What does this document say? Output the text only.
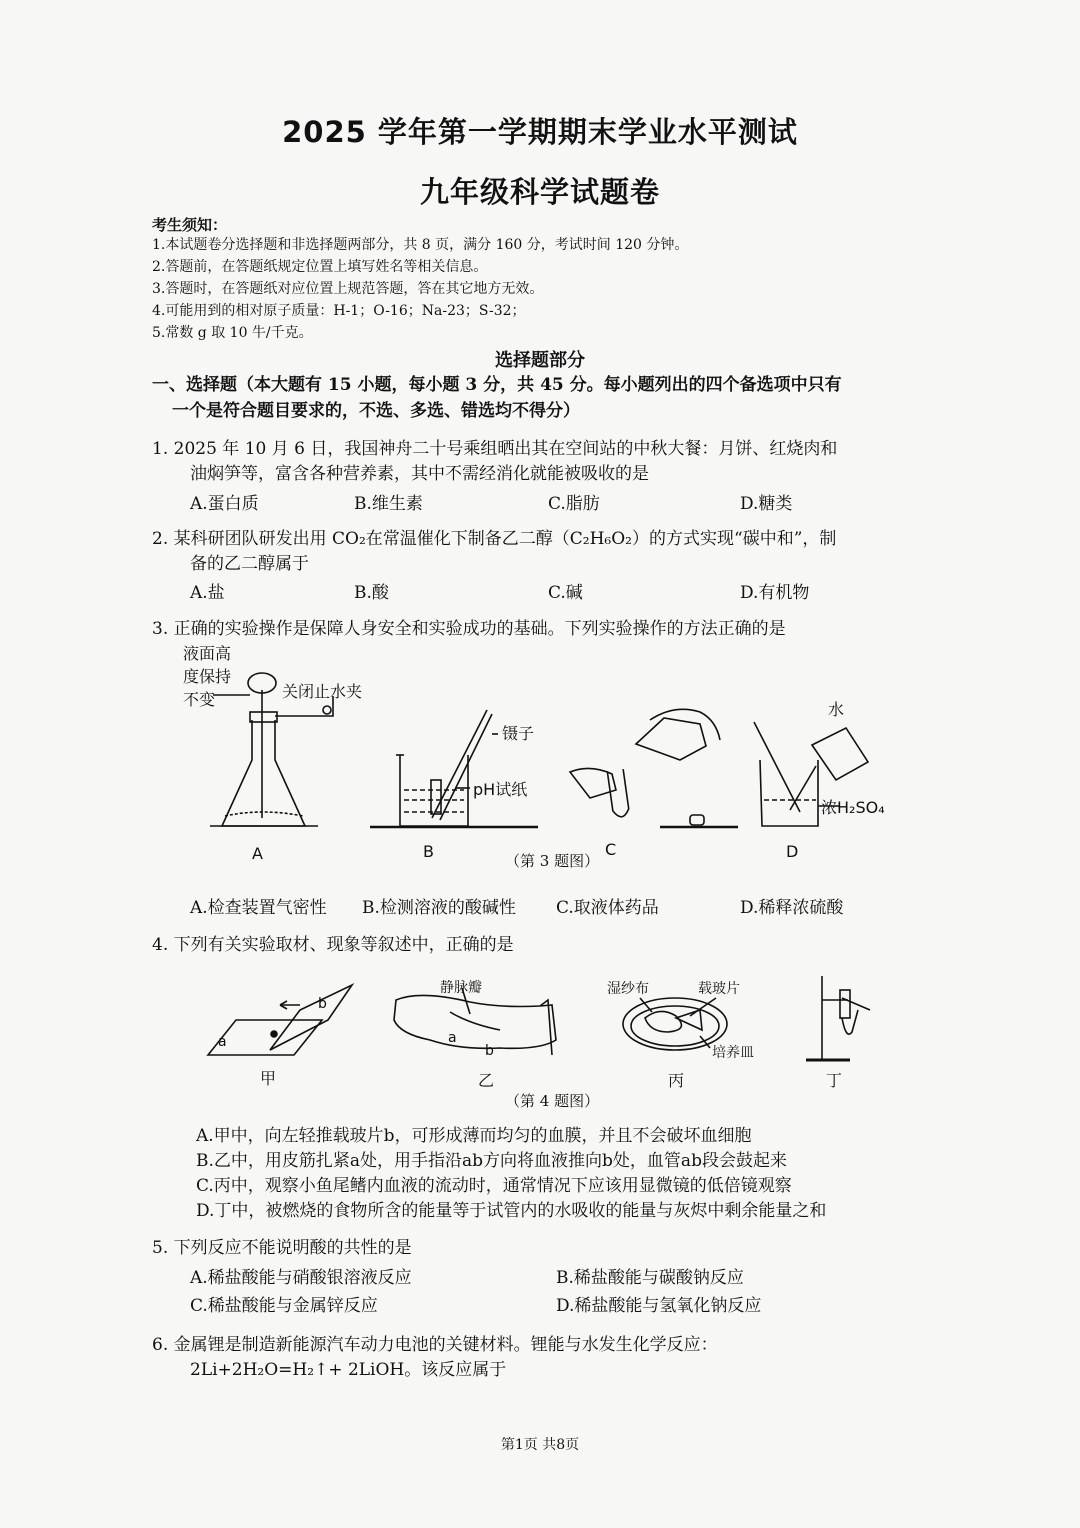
2025 学年第一学期期末学业水平测试
九年级科学试题卷
考生须知：
1.本试题卷分选择题和非选择题两部分，共 8 页，满分 160 分，考试时间 120 分钟。
2.答题前，在答题纸规定位置上填写姓名等相关信息。
3.答题时，在答题纸对应位置上规范答题，答在其它地方无效。
4.可能用到的相对原子质量：H-1；O-16；Na-23；S-32；
5.常数 g 取 10 牛/千克。
选择题部分
一、选择题（本大题有 15 小题，每小题 3 分，共 45 分。每小题列出的四个备选项中只有
一个是符合题目要求的，不选、多选、错选均不得分）
1. 2025 年 10 月 6 日，我国神舟二十号乘组晒出其在空间站的中秋大餐：月饼、红烧肉和
油焖笋等，富含各种营养素，其中不需经消化就能被吸收的是
A.蛋白质	B.维生素	C.脂肪	D.糖类
2. 某科研团队研发出用 CO₂在常温催化下制备乙二醇（C₂H₆O₂）的方式实现“碳中和”，制
备的乙二醇属于
A.盐	B.酸	C.碱	D.有机物
3. 正确的实验操作是保障人身安全和实验成功的基础。下列实验操作的方法正确的是
液面高
度保持
不变	关闭止水夹
镊子
pH试纸
水
浓H₂SO₄
A	B	（第 3 题图）
C	D
A.检查装置气密性 B.检测溶液的酸碱性 C.取液体药品	D.稀释浓硫酸
4. 下列有关实验取材、现象等叙述中，正确的是
静脉瓣	湿纱布	载玻片
培养皿
a
b
a
b
甲	乙	丙	丁
（第 4 题图）
A.甲中，向左轻推载玻片b，可形成薄而均匀的血膜，并且不会破坏血细胞
B.乙中，用皮筋扎紧a处，用手指沿ab方向将血液推向b处，血管ab段会鼓起来
C.丙中，观察小鱼尾鳍内血液的流动时，通常情况下应该用显微镜的低倍镜观察
D.丁中，被燃烧的食物所含的能量等于试管内的水吸收的能量与灰烬中剩余能量之和
5. 下列反应不能说明酸的共性的是
A.稀盐酸能与硝酸银溶液反应	B.稀盐酸能与碳酸钠反应
C.稀盐酸能与金属锌反应	D.稀盐酸能与氢氧化钠反应
6. 金属锂是制造新能源汽车动力电池的关键材料。锂能与水发生化学反应：
2Li+2H₂O=H₂↑+ 2LiOH。该反应属于
第1页 共8页
